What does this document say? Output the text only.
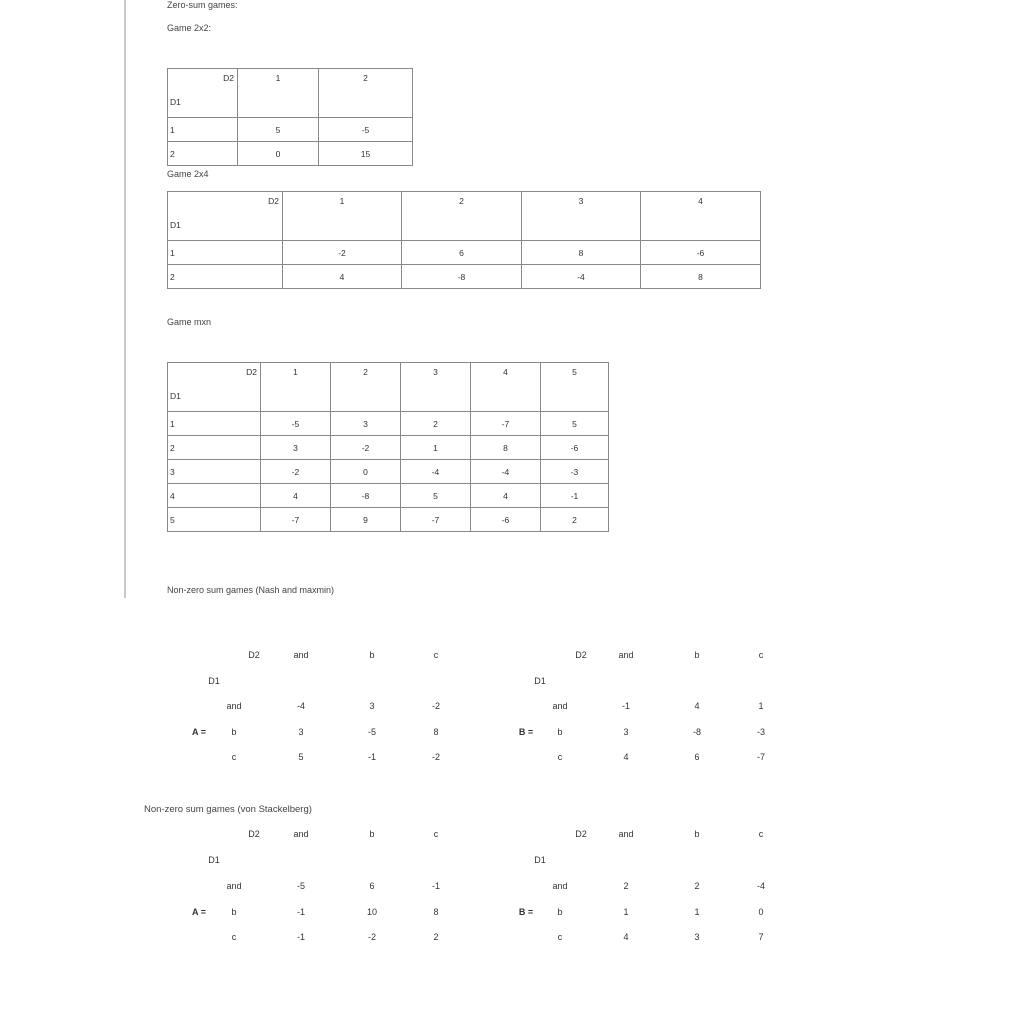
Zero-sum games:
Game 2x2:
D2
D1	1	2
1	5	-5
2	0	15
Game 2x4
D2
D1	1	2	3	4
1	-2	6	8	-6
2	4	-8	-4	8
Game mxn
D2
D1	1	2	3	4	5
1	-5	3	2	-7	5
2	3	-2	1	8	-6
3	-2	0	-4	-4	-3
4	4	-8	5	4	-1
5	-7	9	-7	-6	2
Non-zero sum games (Nash and maxmin)
D2	and	b	c
D1
and	-4	3	-2
A =	b	3	-5	8
c	5	-1	-2
D2	and	b	c
D1
and	-1	4	1
B =	b	3	-8	-3
c	4	6	-7
Non-zero sum games (von Stackelberg)
D2	and	b	c
D1
and	-5	6	-1
A =	b	-1	10	8
c	-1	-2	2
D2	and	b	c
D1
and	2	2	-4
B =	b	1	1	0
c	4	3	7
